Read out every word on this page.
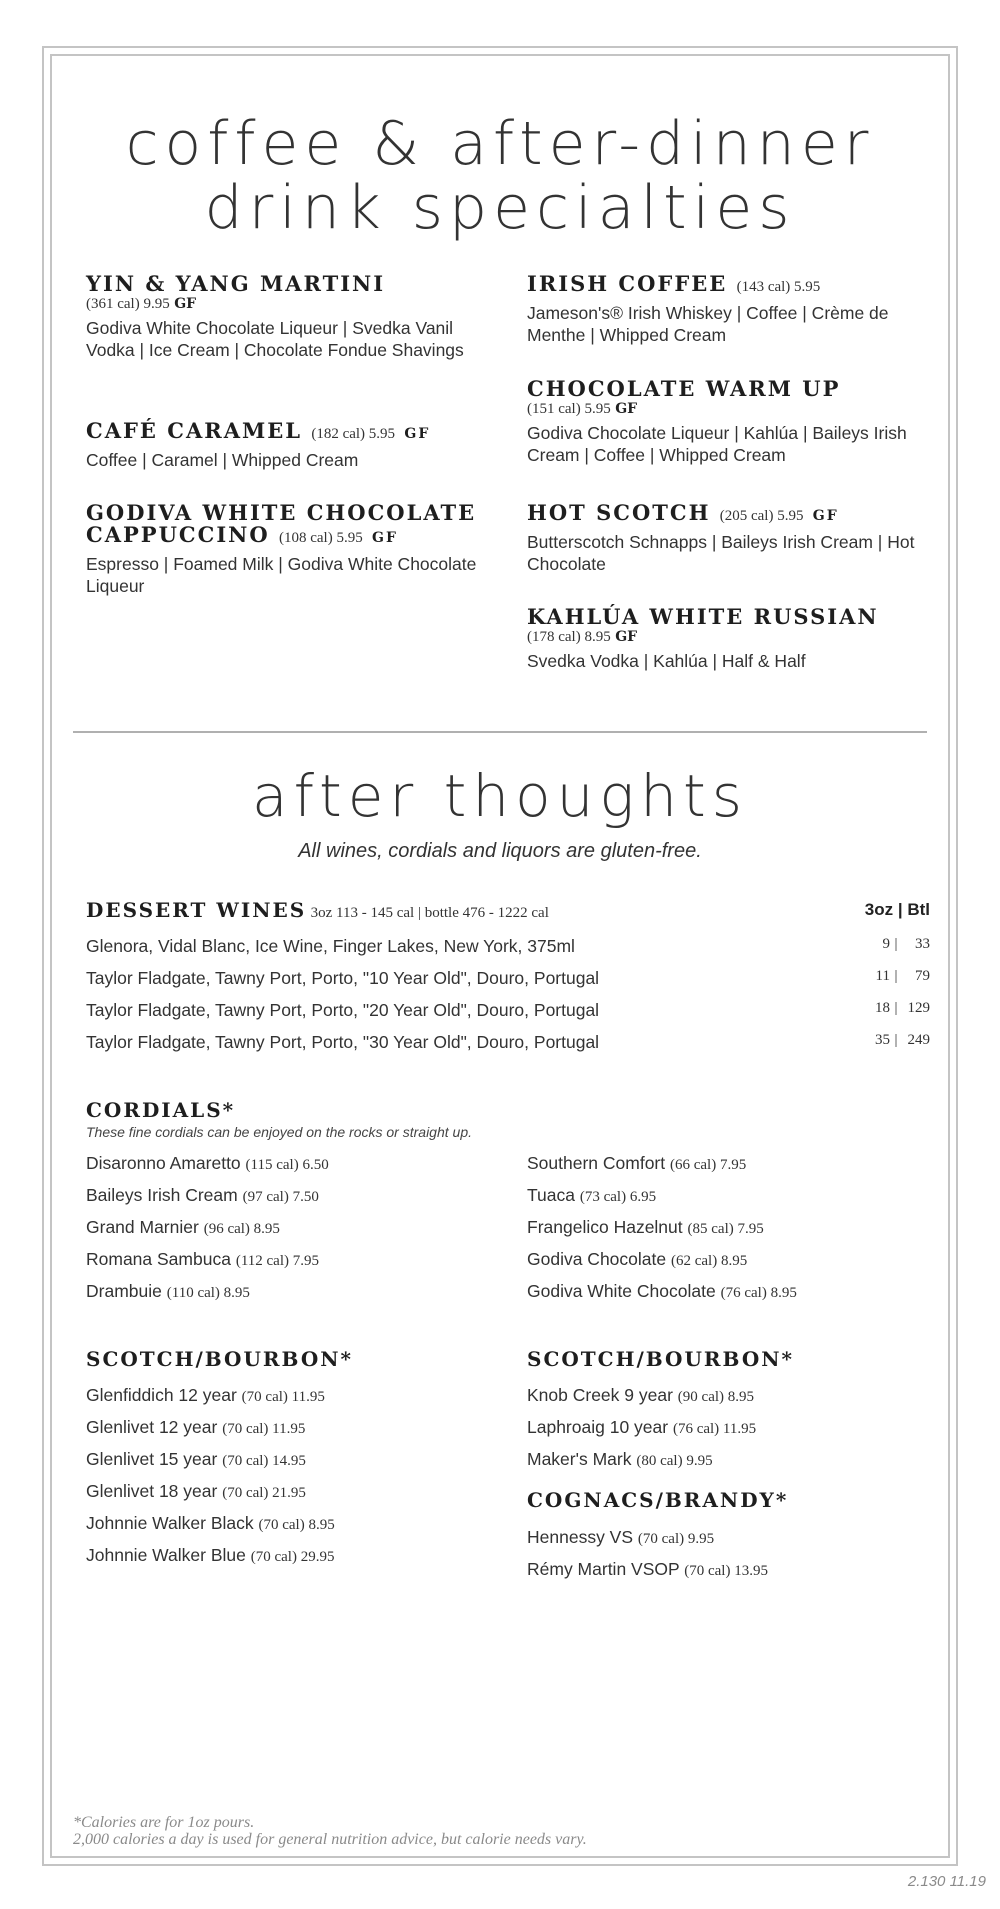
coffee & after-dinner
drink specialties
YIN & YANG MARTINI
(361 cal) 9.95 GF
Godiva White Chocolate Liqueur | Svedka Vanil Vodka | Ice Cream | Chocolate Fondue Shavings
CAFÉ CARAMEL (182 cal) 5.95 GF
Coffee | Caramel | Whipped Cream
GODIVA WHITE CHOCOLATE
CAPPUCCINO (108 cal) 5.95 GF
Espresso | Foamed Milk | Godiva White Chocolate Liqueur
IRISH COFFEE (143 cal) 5.95
Jameson's® Irish Whiskey | Coffee | Crème de Menthe | Whipped Cream
CHOCOLATE WARM UP
(151 cal) 5.95 GF
Godiva Chocolate Liqueur | Kahlúa | Baileys Irish Cream | Coffee | Whipped Cream
HOT SCOTCH (205 cal) 5.95 GF
Butterscotch Schnapps | Baileys Irish Cream | Hot Chocolate
KAHLÚA WHITE RUSSIAN
(178 cal) 8.95 GF
Svedka Vodka | Kahlúa | Half & Half
after thoughts
All wines, cordials and liquors are gluten-free.
DESSERT WINES 3oz 113 - 145 cal | bottle 476 - 1222 cal	3oz | Btl
Glenora, Vidal Blanc, Ice Wine, Finger Lakes, New York, 375ml	9 | 33
Taylor Fladgate, Tawny Port, Porto, "10 Year Old", Douro, Portugal	11 | 79
Taylor Fladgate, Tawny Port, Porto, "20 Year Old", Douro, Portugal	18 | 129
Taylor Fladgate, Tawny Port, Porto, "30 Year Old", Douro, Portugal	35 | 249
CORDIALS*
These fine cordials can be enjoyed on the rocks or straight up.
Disaronno Amaretto (115 cal) 6.50
Baileys Irish Cream (97 cal) 7.50
Grand Marnier (96 cal) 8.95
Romana Sambuca (112 cal) 7.95
Drambuie (110 cal) 8.95
Southern Comfort (66 cal) 7.95
Tuaca (73 cal) 6.95
Frangelico Hazelnut (85 cal) 7.95
Godiva Chocolate (62 cal) 8.95
Godiva White Chocolate (76 cal) 8.95
SCOTCH/BOURBON*
Glenfiddich 12 year (70 cal) 11.95
Glenlivet 12 year (70 cal) 11.95
Glenlivet 15 year (70 cal) 14.95
Glenlivet 18 year (70 cal) 21.95
Johnnie Walker Black (70 cal) 8.95
Johnnie Walker Blue (70 cal) 29.95
SCOTCH/BOURBON*
Knob Creek 9 year (90 cal) 8.95
Laphroaig 10 year (76 cal) 11.95
Maker's Mark (80 cal) 9.95
COGNACS/BRANDY*
Hennessy VS (70 cal) 9.95
Rémy Martin VSOP (70 cal) 13.95
*Calories are for 1oz pours.
2,000 calories a day is used for general nutrition advice, but calorie needs vary.
2.130 11.19
